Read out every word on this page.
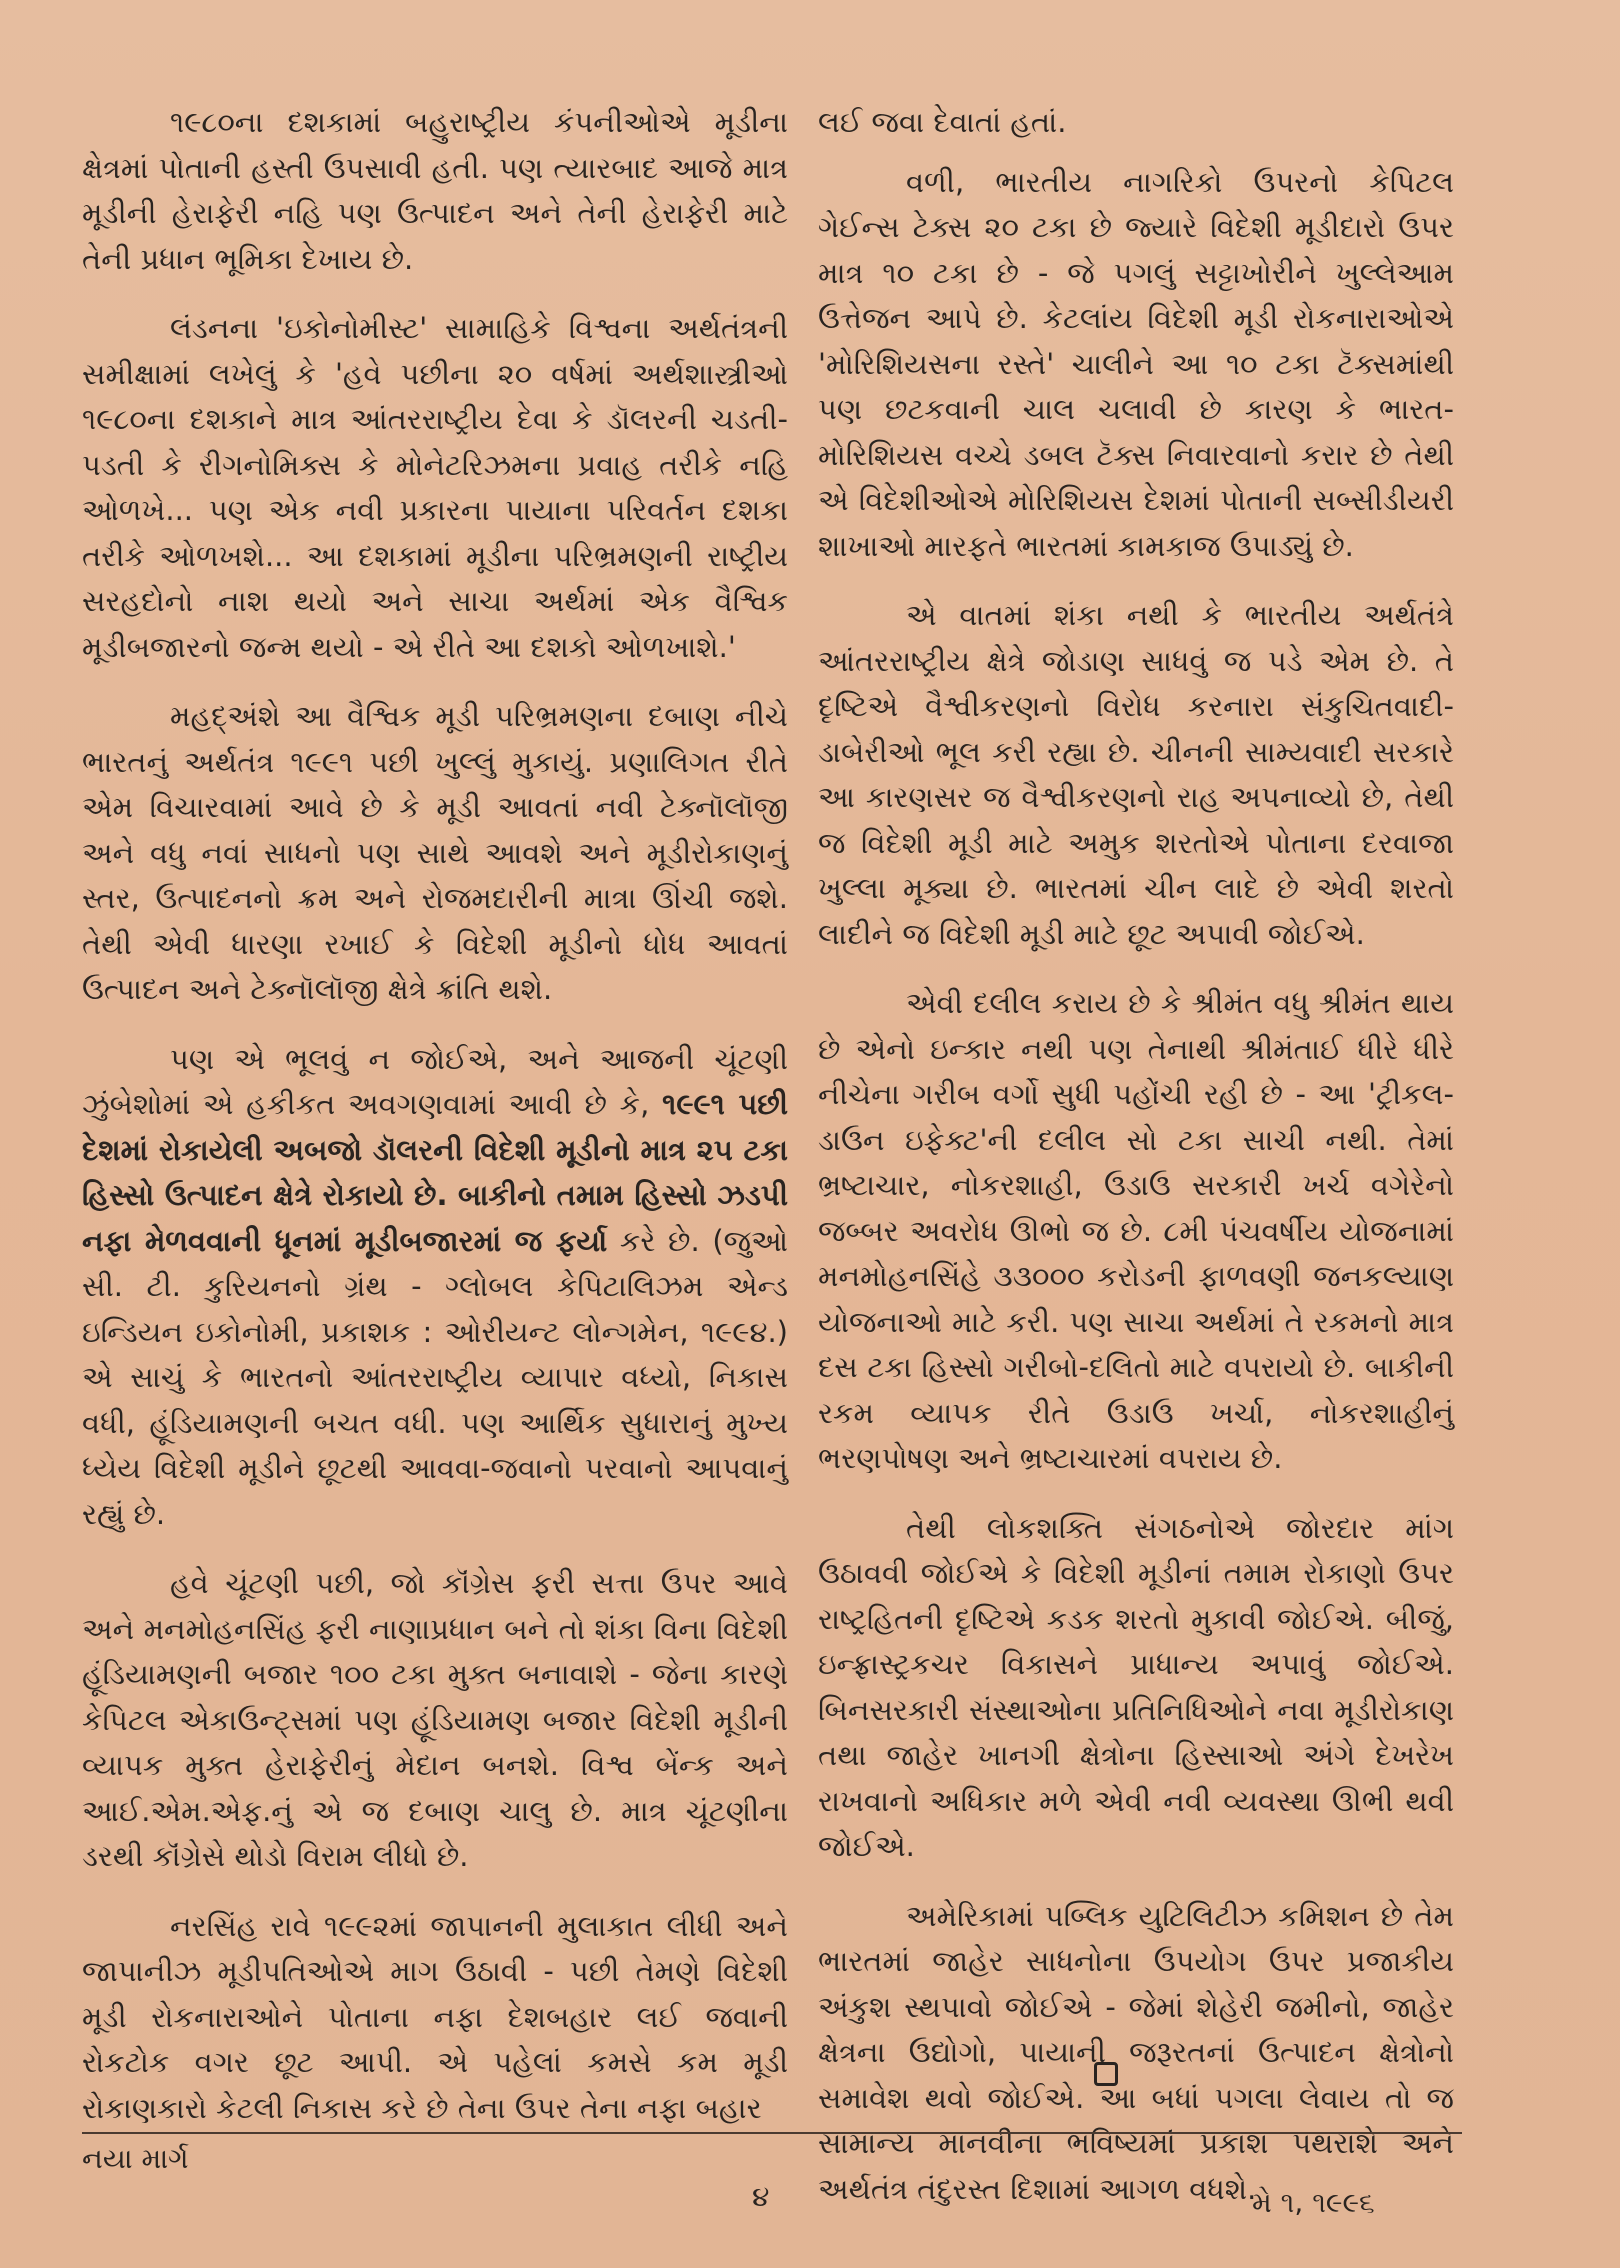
૧૯૮૦ના દશકામાં બહુરાષ્ટ્રીય કંપનીઓએ મૂડીના ક્ષેત્રમાં પોતાની હસ્તી ઉપસાવી હતી. પણ ત્યારબાદ આજે માત્ર મૂડીની હેરાફેરી નહિ પણ ઉત્પાદન અને તેની હેરાફેરી માટે તેની પ્રધાન ભૂમિકા દેખાય છે.

લંડનના 'ઇકોનોમીસ્ટ' સામાહિકે વિશ્વના અર્થતંત્રની સમીક્ષામાં લખેલું કે 'હવે પછીના ૨૦ વર્ષમાં અર્થશાસ્ત્રીઓ ૧૯૮૦ના દશકાને માત્ર આંતરરાષ્ટ્રીય દેવા કે ડૉલરની ચડતી-પડતી કે રીગનોમિક્સ કે મોનેટરિઝમના પ્રવાહ તરીકે નહિ ઓળખે... પણ એક નવી પ્રકારના પાયાના પરિવર્તન દશકા તરીકે ઓળખશે... આ દશકામાં મૂડીના પરિભ્રમણની રાષ્ટ્રીય સરહદોનો નાશ થયો અને સાચા અર્થમાં એક વૈશ્વિક મૂડીબજારનો જન્મ થયો - એ રીતે આ દશકો ઓળખાશે.'

મહદ્અંશે આ વૈશ્વિક મૂડી પરિભ્રમણના દબાણ નીચે ભારતનું અર્થતંત્ર ૧૯૯૧ પછી ખુલ્લું મુકાયું. પ્રણાલિગત રીતે એમ વિચારવામાં આવે છે કે મૂડી આવતાં નવી ટેક્નૉલૉજી અને વધુ નવાં સાધનો પણ સાથે આવશે અને મૂડીરોકાણનું સ્તર, ઉત્પાદનનો ક્રમ અને રોજમદારીની માત્રા ઊંચી જશે. તેથી એવી ધારણા રખાઈ કે વિદેશી મૂડીનો ધોધ આવતાં ઉત્પાદન અને ટેક્નૉલૉજી ક્ષેત્રે ક્રાંતિ થશે.

પણ એ ભૂલવું ન જોઈએ, અને આજની ચૂંટણી ઝુંબેશોમાં એ હકીકત અવગણવામાં આવી છે કે, ૧૯૯૧ પછી દેશમાં રોકાયેલી અબજો ડૉલરની વિદેશી મૂડીનો માત્ર ૨૫ ટકા હિસ્સો ઉત્પાદન ક્ષેત્રે રોકાયો છે. બાકીનો તમામ હિસ્સો ઝડપી નફા મેળવવાની ધૂનમાં મૂડીબજારમાં જ ફર્યા કરે છે. (જુઓ સી. ટી. કુરિયનનો ગ્રંથ - ગ્લોબલ કેપિટાલિઝમ એન્ડ ઇન્ડિયન ઇકોનોમી, પ્રકાશક : ઓરીયન્ટ લોન્ગમેન, ૧૯૯૪.) એ સાચું કે ભારતનો આંતરરાષ્ટ્રીય વ્યાપાર વધ્યો, નિકાસ વધી, હૂંડિયામણની બચત વધી. પણ આર્થિક સુધારાનું મુખ્ય ધ્યેય વિદેશી મૂડીને છૂટથી આવવા-જવાનો પરવાનો આપવાનું રહ્યું છે.

હવે ચૂંટણી પછી, જો કૉંગ્રેસ ફરી સત્તા ઉપર આવે અને મનમોહનસિંહ ફરી નાણાપ્રધાન બને તો શંકા વિના વિદેશી હૂંડિયામણની બજાર ૧૦૦ ટકા મુક્ત બનાવાશે - જેના કારણે કેપિટલ એકાઉન્ટ્સમાં પણ હૂંડિયામણ બજાર વિદેશી મૂડીની વ્યાપક મુક્ત હેરાફેરીનું મેદાન બનશે. વિશ્વ બેંન્ક અને આઈ.એમ.એફ.નું એ જ દબાણ ચાલુ છે. માત્ર ચૂંટણીના ડરથી કૉંગ્રેસે થોડો વિરામ લીધો છે.

નરસિંહ રાવે ૧૯૯૨માં જાપાનની મુલાકાત લીધી અને જાપાનીઝ મૂડીપતિઓએ માગ ઉઠાવી - પછી તેમણે વિદેશી મૂડી રોકનારાઓને પોતાના નફા દેશબહાર લઈ જવાની રોકટોક વગર છૂટ આપી. એ પહેલાં કમસે કમ મૂડી રોકાણકારો કેટલી નિકાસ કરે છે તેના ઉપર તેના નફા બહાર

લઈ જવા દેવાતાં હતાં.

વળી, ભારતીય નાગરિકો ઉપરનો કેપિટલ ગેઈન્સ ટેક્સ ૨૦ ટકા છે જ્યારે વિદેશી મૂડીદારો ઉપર માત્ર ૧૦ ટકા છે - જે પગલું સટ્ટાખોરીને ખુલ્લેઆમ ઉત્તેજન આપે છે. કેટલાંય વિદેશી મૂડી રોકનારાઓએ 'મોરિશિયસના રસ્તે' ચાલીને આ ૧૦ ટકા ટૅક્સમાંથી પણ છટકવાની ચાલ ચલાવી છે કારણ કે ભારત-મોરિશિયસ વચ્ચે ડબલ ટૅક્સ નિવારવાનો કરાર છે તેથી એ વિદેશીઓએ મોરિશિયસ દેશમાં પોતાની સબ્સીડીયરી શાખાઓ મારફતે ભારતમાં કામકાજ ઉપાડ્યું છે.

એ વાતમાં શંકા નથી કે ભારતીય અર્થતંત્રે આંતરરાષ્ટ્રીય ક્ષેત્રે જોડાણ સાધવું જ પડે એમ છે. તે દૃષ્ટિએ વૈશ્વીકરણનો વિરોધ કરનારા સંકુચિતવાદી-ડાબેરીઓ ભૂલ કરી રહ્યા છે. ચીનની સામ્યવાદી સરકારે આ કારણસર જ વૈશ્વીકરણનો રાહ અપનાવ્યો છે, તેથી જ વિદેશી મૂડી માટે અમુક શરતોએ પોતાના દરવાજા ખુલ્લા મૂક્યા છે. ભારતમાં ચીન લાદે છે એવી શરતો લાદીને જ વિદેશી મૂડી માટે છૂટ અપાવી જોઈએ.

એવી દલીલ કરાય છે કે શ્રીમંત વધુ શ્રીમંત થાય છે એનો ઇન્કાર નથી પણ તેનાથી શ્રીમંતાઈ ધીરે ધીરે નીચેના ગરીબ વર્ગો સુધી પહોંચી રહી છે - આ 'ટ્રીકલ-ડાઉન ઇફેક્ટ'ની દલીલ સો ટકા સાચી નથી. તેમાં ભ્રષ્ટાચાર, નોકરશાહી, ઉડાઉ સરકારી ખર્ચ વગેરેનો જબ્બર અવરોધ ઊભો જ છે. ૮મી પંચવર્ષીય યોજનામાં મનમોહનસિંહે ૩૩૦૦૦ કરોડની ફાળવણી જનકલ્યાણ યોજનાઓ માટે કરી. પણ સાચા અર્થમાં તે રકમનો માત્ર દસ ટકા હિસ્સો ગરીબો-દલિતો માટે વપરાયો છે. બાકીની રકમ વ્યાપક રીતે ઉડાઉ ખર્ચા, નોકરશાહીનું ભરણપોષણ અને ભ્રષ્ટાચારમાં વપરાય છે.

તેથી લોકશક્તિ સંગઠનોએ જોરદાર માંગ ઉઠાવવી જોઈએ કે વિદેશી મૂડીનાં તમામ રોકાણો ઉપર રાષ્ટ્રહિતની દૃષ્ટિએ કડક શરતો મુકાવી જોઈએ. બીજું, ઇન્ફ્રાસ્ટ્રકચર વિકાસને પ્રાધાન્ય અપાવું જોઈએ. બિનસરકારી સંસ્થાઓના પ્રતિનિધિઓને નવા મૂડીરોકાણ તથા જાહેર ખાનગી ક્ષેત્રોના હિસ્સાઓ અંગે દેખરેખ રાખવાનો અધિકાર મળે એવી નવી વ્યવસ્થા ઊભી થવી જોઈએ.

અમેરિકામાં પબ્લિક યુટિલિટીઝ કમિશન છે તેમ ભારતમાં જાહેર સાધનોના ઉપયોગ ઉપર પ્રજાકીય અંકુશ સ્થપાવો જોઈએ - જેમાં શેહેરી જમીનો, જાહેર ક્ષેત્રના ઉદ્યોગો, પાયાની જરૂરતનાં ઉત્પાદન ક્ષેત્રોનો સમાવેશ થવો જોઈએ. આ બધાં પગલા લેવાય તો જ સામાન્ય માનવીના ભવિષ્યમાં પ્રકાશ પથરાશે અને અર્થતંત્ર તંદુરસ્ત દિશામાં આગળ વધશે.

નયા માર્ગ
૪	મે ૧, ૧૯૯૬
